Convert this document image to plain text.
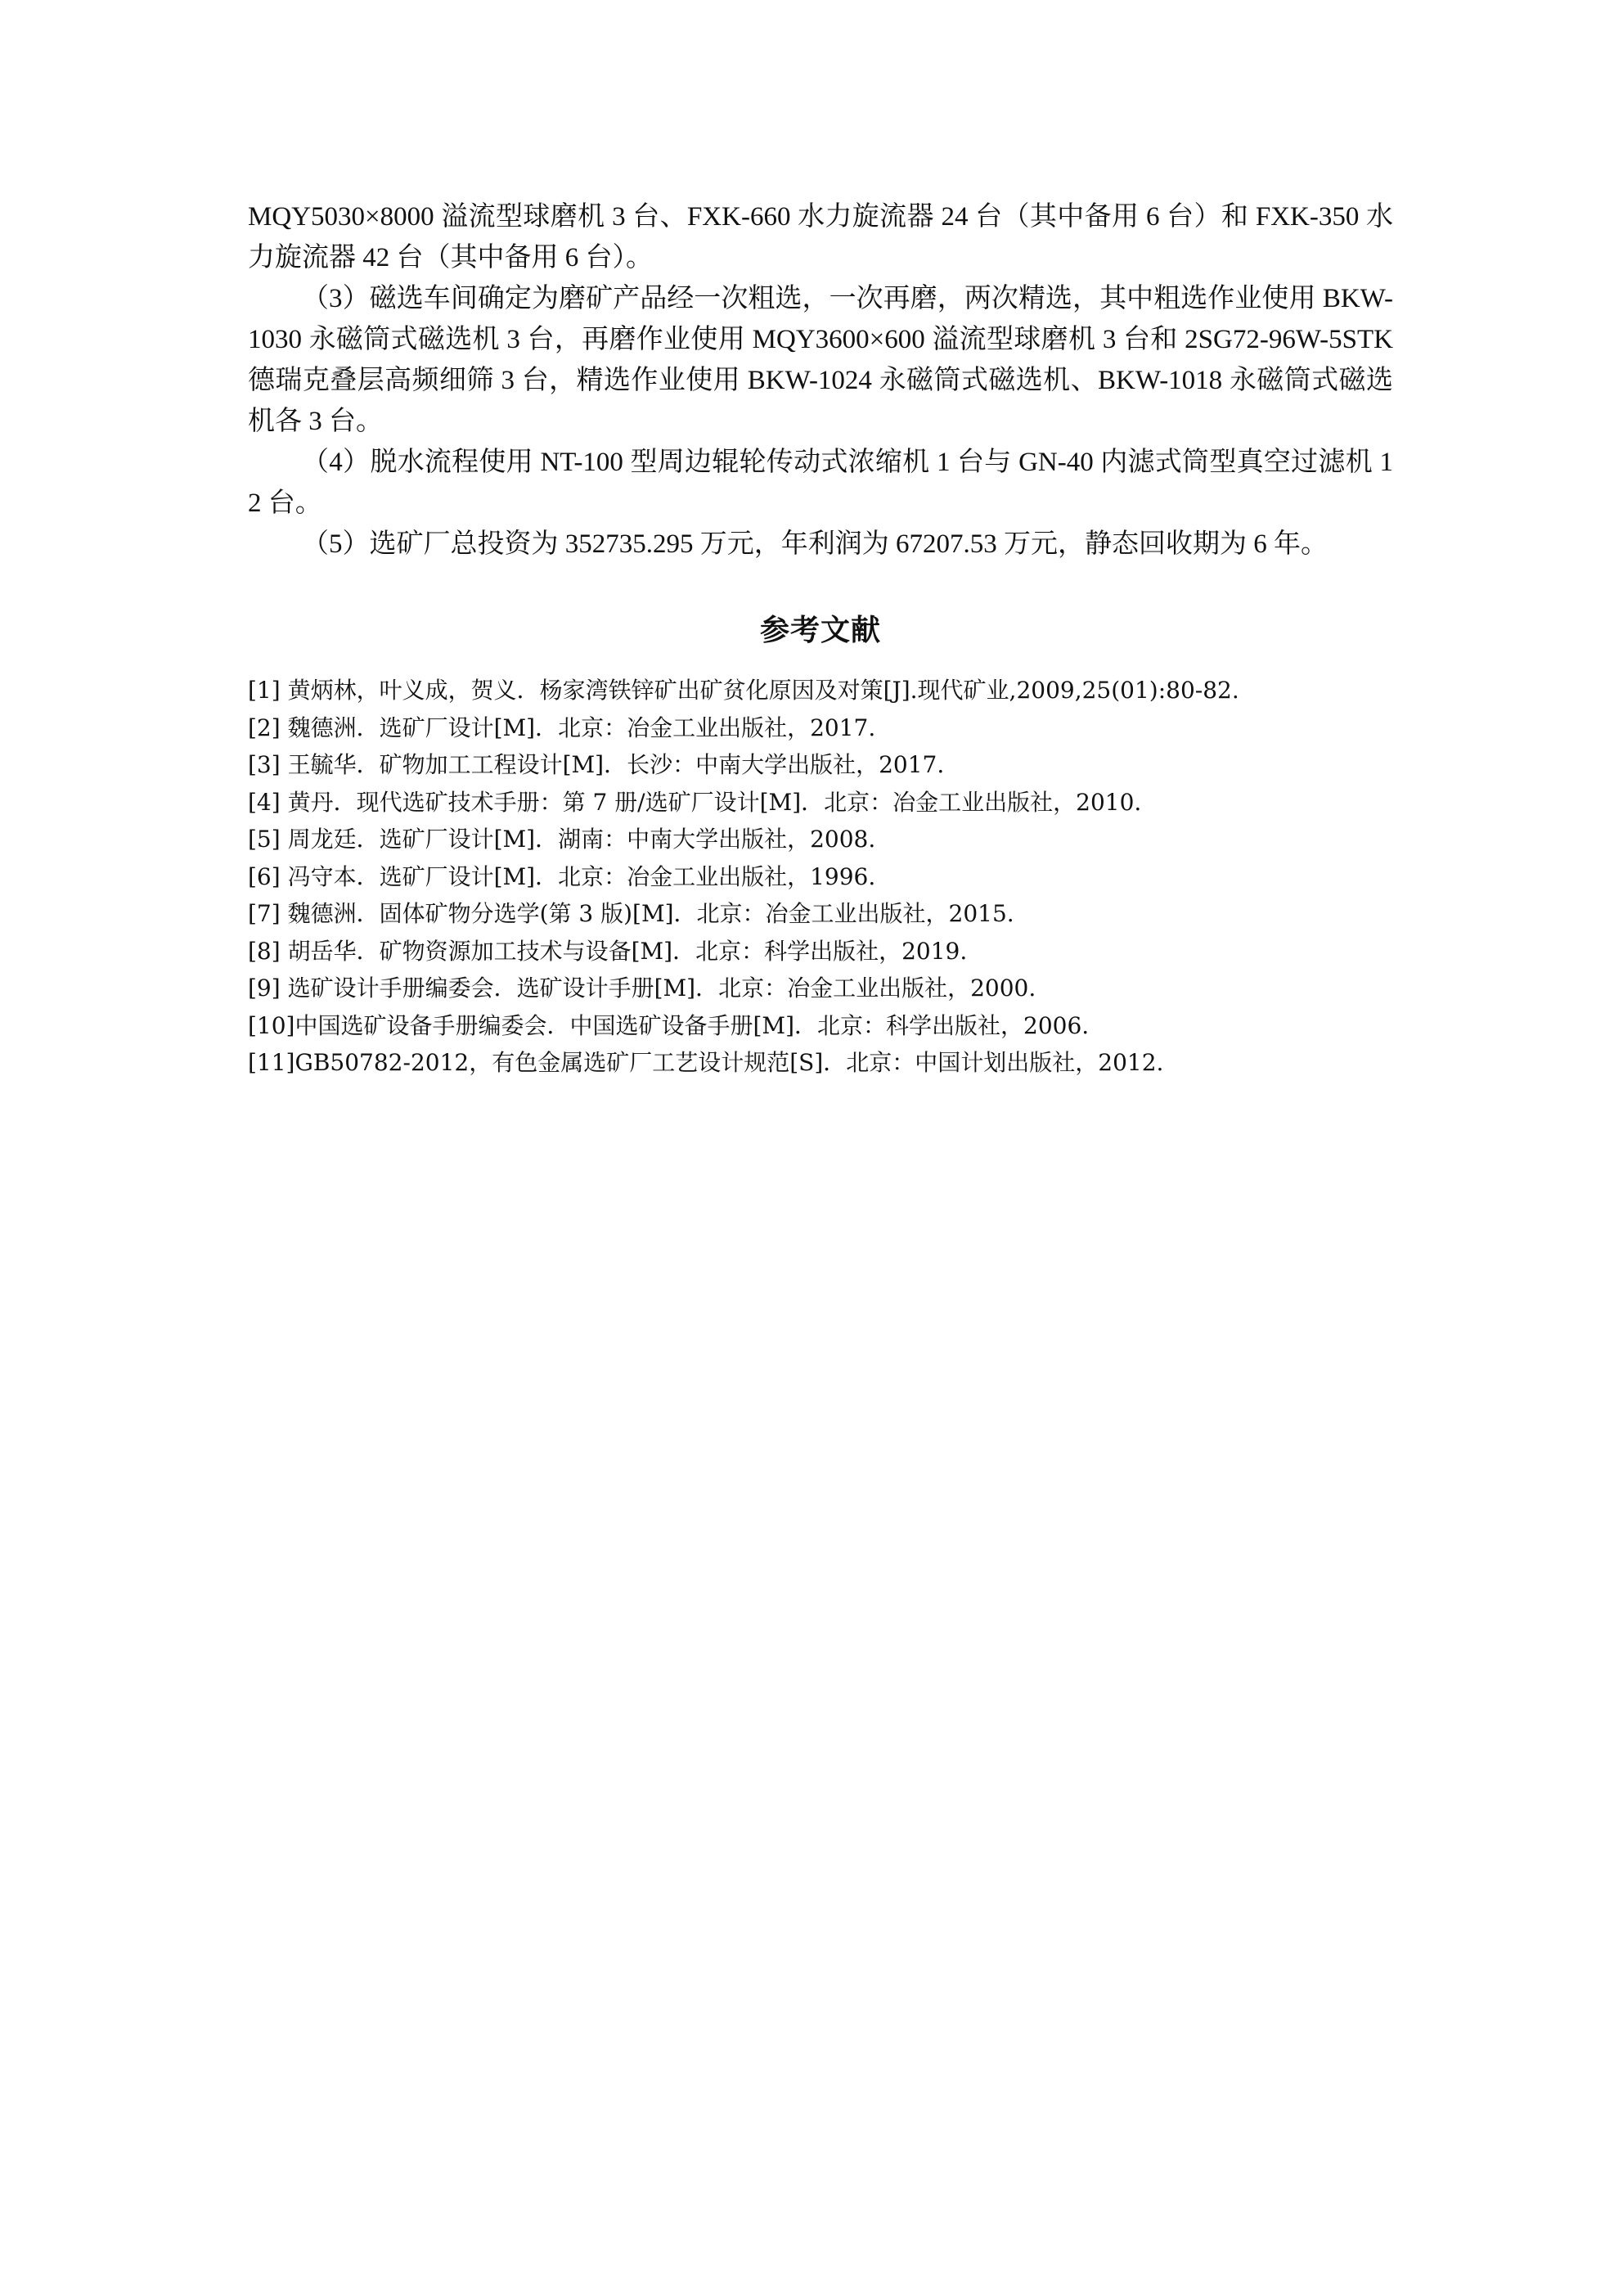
MQY5030×8000 溢流型球磨机 3 台、FXK-660 水力旋流器 24 台（其中备用 6 台）和 FXK-350 水力旋流器 42 台（其中备用 6 台）。

（3）磁选车间确定为磨矿产品经一次粗选，一次再磨，两次精选，其中粗选作业使用 BKW-1030 永磁筒式磁选机 3 台，再磨作业使用 MQY3600×600 溢流型球磨机 3 台和 2SG72-96W-5STK 德瑞克叠层高频细筛 3 台，精选作业使用 BKW-1024 永磁筒式磁选机、BKW-1018 永磁筒式磁选机各 3 台。

（4）脱水流程使用 NT-100 型周边辊轮传动式浓缩机 1 台与 GN-40 内滤式筒型真空过滤机 12 台。

（5）选矿厂总投资为 352735.295 万元，年利润为 67207.53 万元，静态回收期为 6 年。

参考文献
[1] 黄炳林，叶义成，贺义．杨家湾铁锌矿出矿贫化原因及对策[J].现代矿业,2009,25(01):80-82.
[2] 魏德洲．选矿厂设计[M]．北京：冶金工业出版社，2017.
[3] 王毓华．矿物加工工程设计[M]．长沙：中南大学出版社，2017.
[4] 黄丹．现代选矿技术手册：第 7 册/选矿厂设计[M]．北京：冶金工业出版社，2010.
[5] 周龙廷．选矿厂设计[M]．湖南：中南大学出版社，2008.
[6] 冯守本．选矿厂设计[M]．北京：冶金工业出版社，1996.
[7] 魏德洲．固体矿物分选学(第 3 版)[M]．北京：冶金工业出版社，2015.
[8] 胡岳华．矿物资源加工技术与设备[M]．北京：科学出版社，2019.
[9] 选矿设计手册编委会．选矿设计手册[M]．北京：冶金工业出版社，2000.
[10] 中国选矿设备手册编委会．中国选矿设备手册[M]．北京：科学出版社，2006.
[11] GB50782-2012，有色金属选矿厂工艺设计规范[S]．北京：中国计划出版社，2012.
